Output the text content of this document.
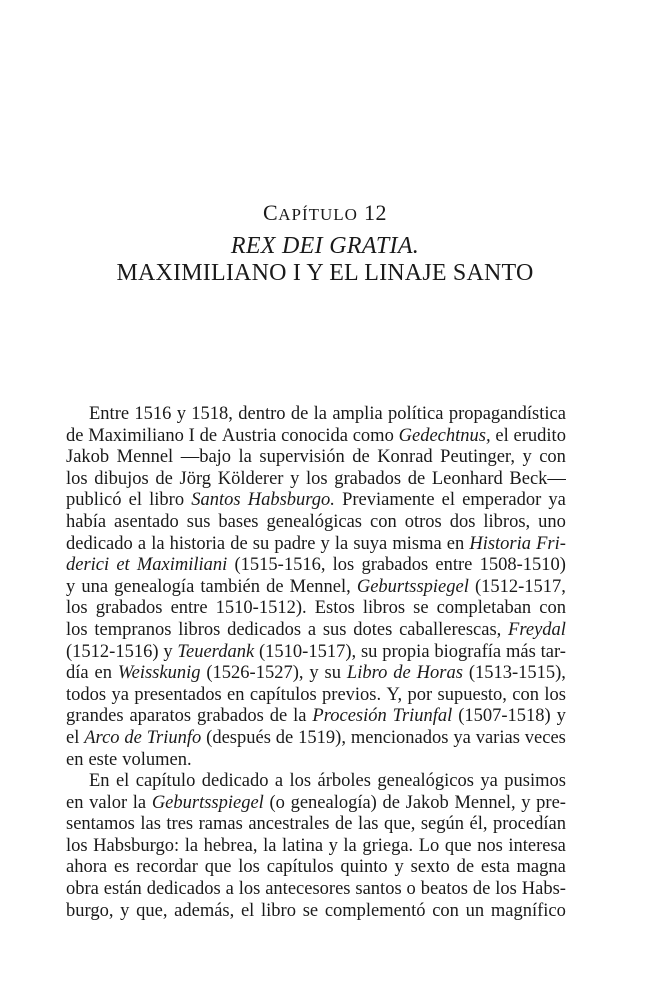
CAPÍTULO 12
REX DEI GRATIA.
MAXIMILIANO I Y EL LINAJE SANTO
Entre 1516 y 1518, dentro de la amplia política propagandística
de Maximiliano I de Austria conocida como Gedechtnus, el erudito
Jakob Mennel —bajo la supervisión de Konrad Peutinger, y con
los dibujos de Jörg Kölderer y los grabados de Leonhard Beck—
publicó el libro Santos Habsburgo. Previamente el emperador ya
había asentado sus bases genealógicas con otros dos libros, uno
dedicado a la historia de su padre y la suya misma en Historia Fri-
derici et Maximiliani (1515-1516, los grabados entre 1508-1510)
y una genealogía también de Mennel, Geburtsspiegel (1512-1517,
los grabados entre 1510-1512). Estos libros se completaban con
los tempranos libros dedicados a sus dotes caballerescas, Freydal
(1512-1516) y Teuerdank (1510-1517), su propia biografía más tar-
día en Weisskunig (1526-1527), y su Libro de Horas (1513-1515),
todos ya presentados en capítulos previos. Y, por supuesto, con los
grandes aparatos grabados de la Procesión Triunfal (1507-1518) y
el Arco de Triunfo (después de 1519), mencionados ya varias veces
en este volumen.
En el capítulo dedicado a los árboles genealógicos ya pusimos
en valor la Geburtsspiegel (o genealogía) de Jakob Mennel, y pre-
sentamos las tres ramas ancestrales de las que, según él, procedían
los Habsburgo: la hebrea, la latina y la griega. Lo que nos interesa
ahora es recordar que los capítulos quinto y sexto de esta magna
obra están dedicados a los antecesores santos o beatos de los Habs-
burgo, y que, además, el libro se complementó con un magnífico
